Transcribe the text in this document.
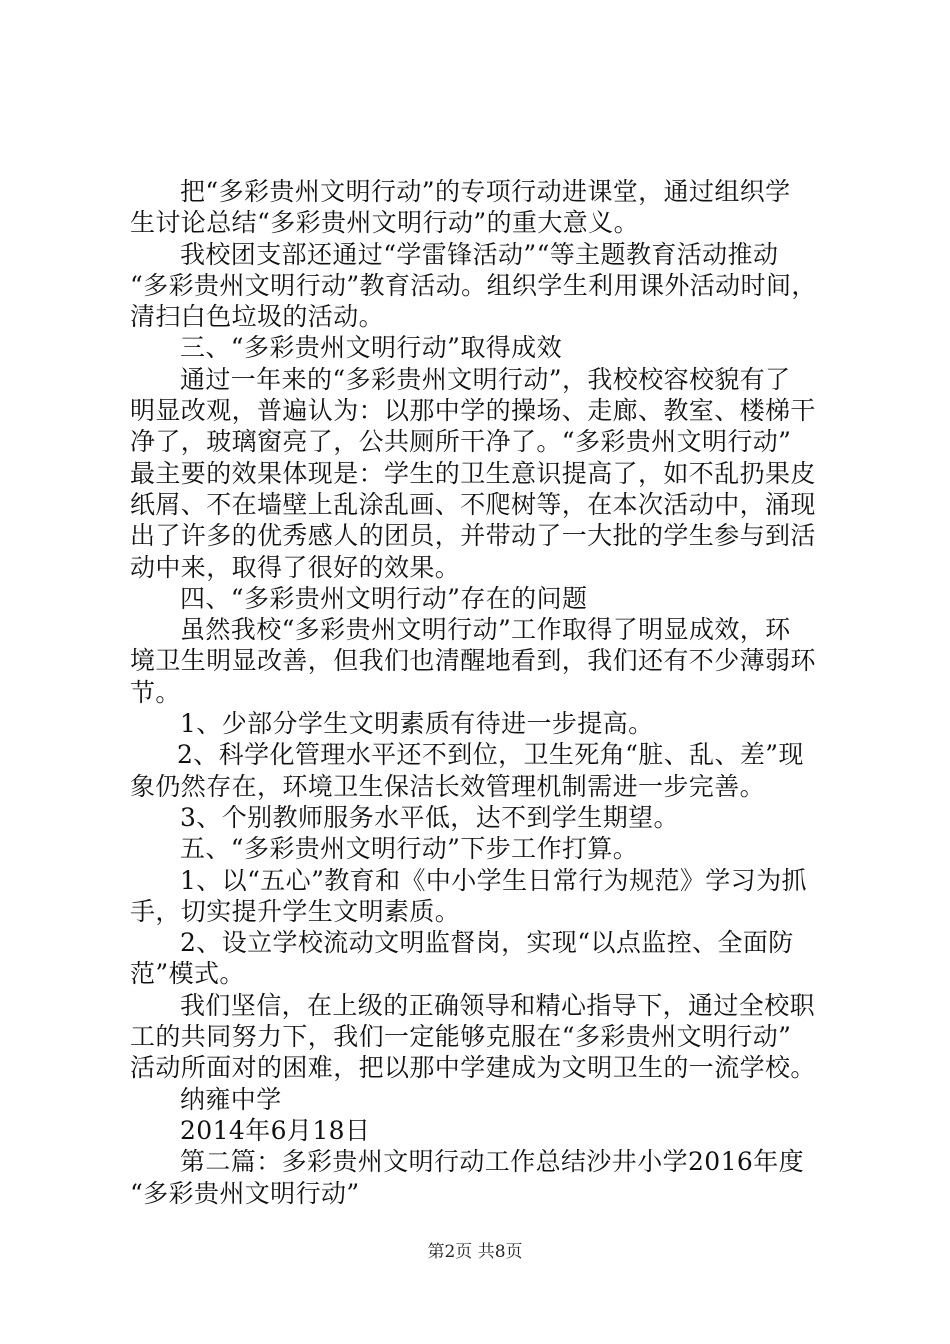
把“多彩贵州文明行动”的专项行动进课堂，通过组织学
生讨论总结“多彩贵州文明行动”的重大意义。
我校团支部还通过“学雷锋活动”“等主题教育活动推动
“多彩贵州文明行动”教育活动。组织学生利用课外活动时间，
清扫白色垃圾的活动。
三、“多彩贵州文明行动”取得成效
通过一年来的“多彩贵州文明行动”，我校校容校貌有了
明显改观，普遍认为：以那中学的操场、走廊、教室、楼梯干
净了，玻璃窗亮了，公共厕所干净了。“多彩贵州文明行动”
最主要的效果体现是：学生的卫生意识提高了，如不乱扔果皮
纸屑、不在墙壁上乱涂乱画、不爬树等，在本次活动中，涌现
出了许多的优秀感人的团员，并带动了一大批的学生参与到活
动中来，取得了很好的效果。
四、“多彩贵州文明行动”存在的问题
虽然我校“多彩贵州文明行动”工作取得了明显成效，环
境卫生明显改善，但我们也清醒地看到，我们还有不少薄弱环
节。
1、少部分学生文明素质有待进一步提高。
2、科学化管理水平还不到位，卫生死角“脏、乱、差”现
象仍然存在，环境卫生保洁长效管理机制需进一步完善。
3、个别教师服务水平低，达不到学生期望。
五、“多彩贵州文明行动”下步工作打算。
1、以“五心”教育和《中小学生日常行为规范》学习为抓
手，切实提升学生文明素质。
2、设立学校流动文明监督岗，实现“以点监控、全面防
范”模式。
我们坚信，在上级的正确领导和精心指导下，通过全校职
工的共同努力下，我们一定能够克服在“多彩贵州文明行动”
活动所面对的困难，把以那中学建成为文明卫生的一流学校。
纳雍中学
2014年6月18日
第二篇：多彩贵州文明行动工作总结沙井小学2016年度
“多彩贵州文明行动”
第2页 共8页
